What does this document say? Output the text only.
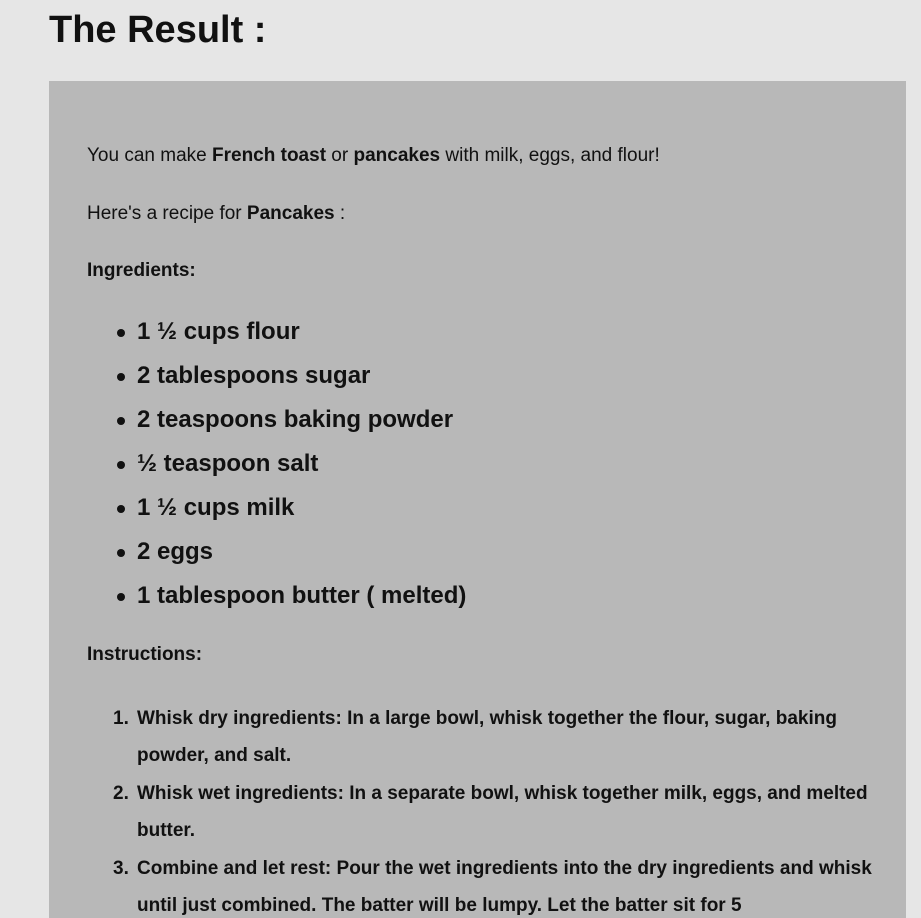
The Result :

You can make French toast or pancakes with milk, eggs, and flour!

Here's a recipe for Pancakes :

Ingredients:

1 ½ cups flour
2 tablespoons sugar
2 teaspoons baking powder
½ teaspoon salt
1 ½ cups milk
2 eggs
1 tablespoon butter ( melted)

Instructions:

1. Whisk dry ingredients: In a large bowl, whisk together the flour, sugar, baking powder, and salt.
2. Whisk wet ingredients: In a separate bowl, whisk together milk, eggs, and melted butter.
3. Combine and let rest: Pour the wet ingredients into the dry ingredients and whisk until just combined. The batter will be lumpy. Let the batter sit for 5
